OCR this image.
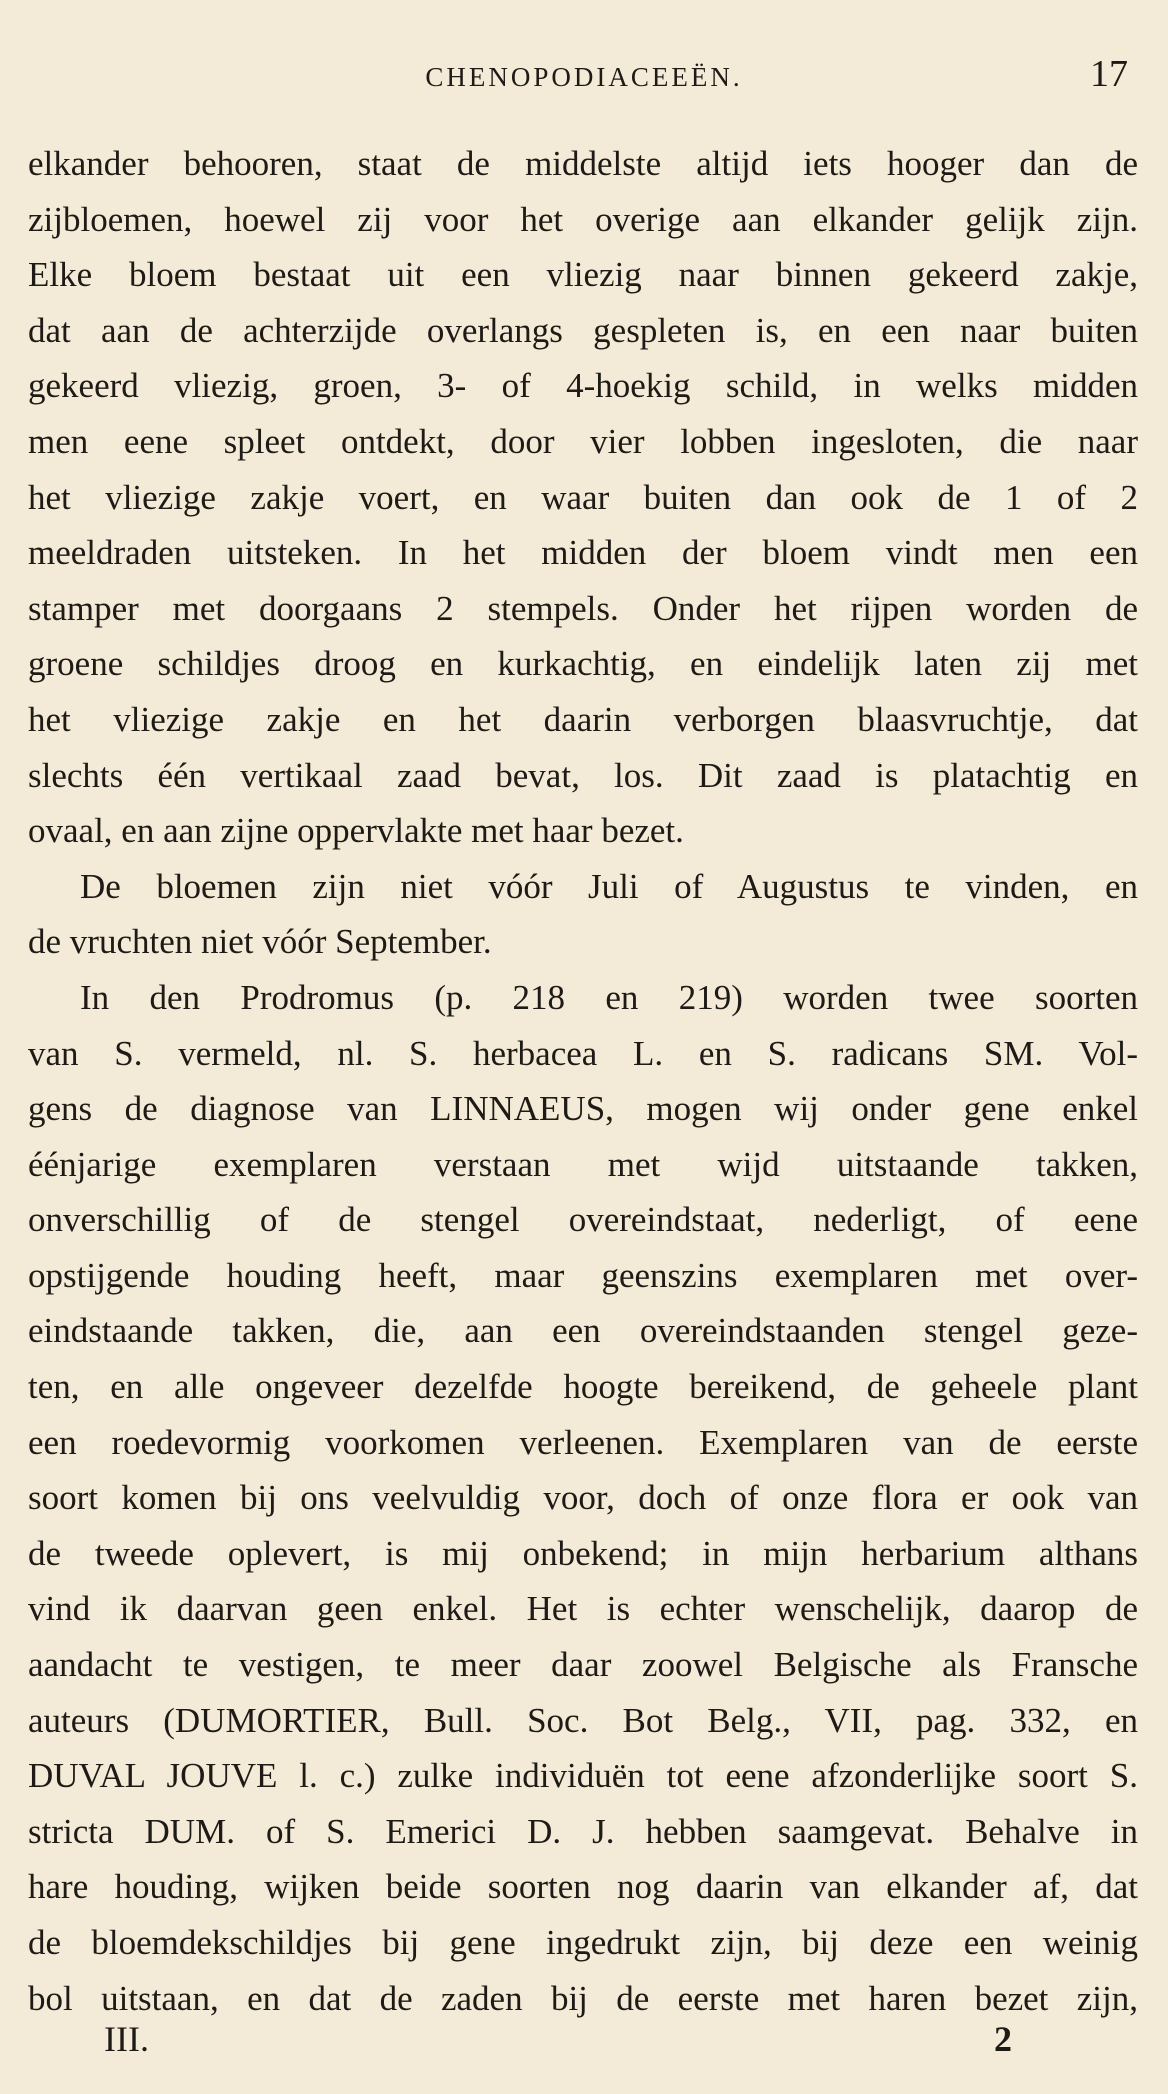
CHENOPODIACEEËN.	17
elkander behooren, staat de middelste altijd iets hooger dan de
zijbloemen, hoewel zij voor het overige aan elkander gelijk zijn.
Elke bloem bestaat uit een vliezig naar binnen gekeerd zakje,
dat aan de achterzijde overlangs gespleten is, en een naar buiten
gekeerd vliezig, groen, 3- of 4-hoekig schild, in welks midden
men eene spleet ontdekt, door vier lobben ingesloten, die naar
het vliezige zakje voert, en waar buiten dan ook de 1 of 2
meeldraden uitsteken. In het midden der bloem vindt men een
stamper met doorgaans 2 stempels. Onder het rijpen worden de
groene schildjes droog en kurkachtig, en eindelijk laten zij met
het vliezige zakje en het daarin verborgen blaasvruchtje, dat
slechts één vertikaal zaad bevat, los. Dit zaad is platachtig en
ovaal, en aan zijne oppervlakte met haar bezet.
De bloemen zijn niet vóór Juli of Augustus te vinden, en
de vruchten niet vóór September.
In den Prodromus (p. 218 en 219) worden twee soorten
van S. vermeld, nl. S. herbacea L. en S. radicans SM. Vol-
gens de diagnose van LINNAEUS, mogen wij onder gene enkel
éénjarige exemplaren verstaan met wijd uitstaande takken,
onverschillig of de stengel overeindstaat, nederligt, of eene
opstijgende houding heeft, maar geenszins exemplaren met over-
eindstaande takken, die, aan een overeindstaanden stengel geze-
ten, en alle ongeveer dezelfde hoogte bereikend, de geheele plant
een roedevormig voorkomen verleenen. Exemplaren van de eerste
soort komen bij ons veelvuldig voor, doch of onze flora er ook van
de tweede oplevert, is mij onbekend; in mijn herbarium althans
vind ik daarvan geen enkel. Het is echter wenschelijk, daarop de
aandacht te vestigen, te meer daar zoowel Belgische als Fransche
auteurs (DUMORTIER, Bull. Soc. Bot Belg., VII, pag. 332, en
DUVAL JOUVE l. c.) zulke individuën tot eene afzonderlijke soort S.
stricta DUM. of S. Emerici D. J. hebben saamgevat. Behalve in
hare houding, wijken beide soorten nog daarin van elkander af, dat
de bloemdekschildjes bij gene ingedrukt zijn, bij deze een weinig
bol uitstaan, en dat de zaden bij de eerste met haren bezet zijn,
III.	2
